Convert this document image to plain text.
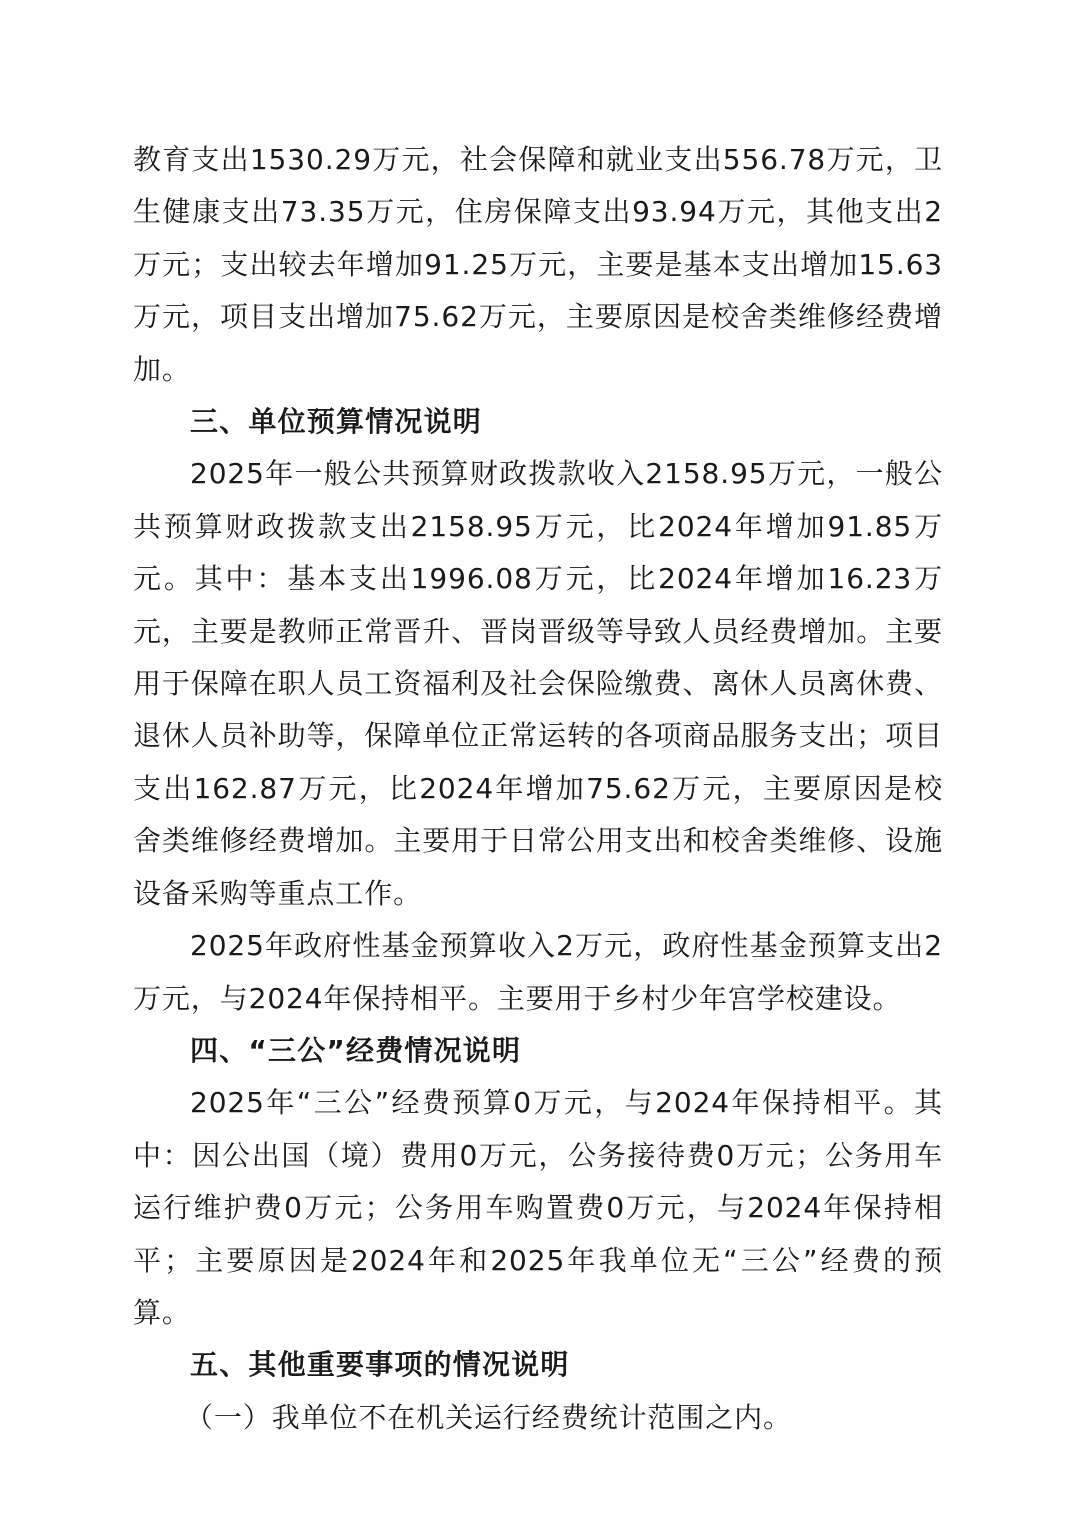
教育支出1530.29万元，社会保障和就业支出556.78万元，卫生健康支出73.35万元，住房保障支出93.94万元，其他支出2万元；支出较去年增加91.25万元，主要是基本支出增加15.63万元，项目支出增加75.62万元，主要原因是校舍类维修经费增加。

三、单位预算情况说明

2025年一般公共预算财政拨款收入2158.95万元，一般公共预算财政拨款支出2158.95万元，比2024年增加91.85万元。其中：基本支出1996.08万元，比2024年增加16.23万元，主要是教师正常晋升、晋岗晋级等导致人员经费增加。主要用于保障在职人员工资福利及社会保险缴费、离休人员离休费、退休人员补助等，保障单位正常运转的各项商品服务支出；项目支出162.87万元，比2024年增加75.62万元，主要原因是校舍类维修经费增加。主要用于日常公用支出和校舍类维修、设施设备采购等重点工作。

2025年政府性基金预算收入2万元，政府性基金预算支出2万元，与2024年保持相平。主要用于乡村少年宫学校建设。

四、“三公”经费情况说明

2025年“三公”经费预算0万元，与2024年保持相平。其中：因公出国（境）费用0万元，公务接待费0万元；公务用车运行维护费0万元；公务用车购置费0万元，与2024年保持相平；主要原因是2024年和2025年我单位无“三公”经费的预算。

五、其他重要事项的情况说明

（一）我单位不在机关运行经费统计范围之内。
